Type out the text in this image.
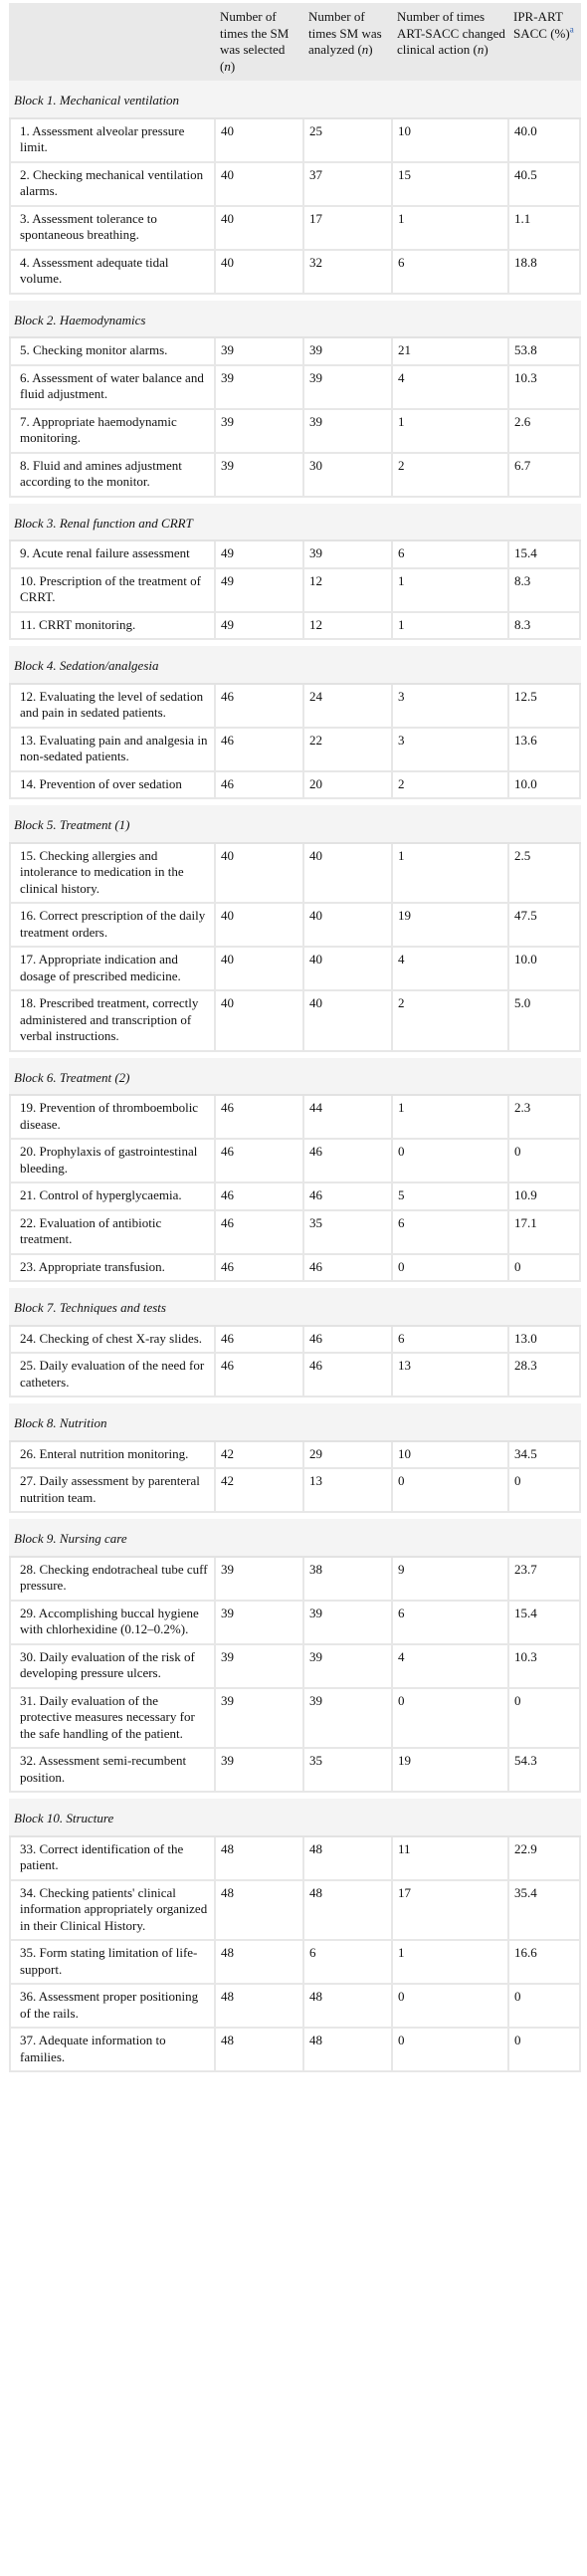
	Number of times the SM was selected (n)	Number of times SM was analyzed (n)	Number of times ART-SACC changed clinical action (n)	IPR-ART SACC (%)$^a$
Block 1. Mechanical ventilation				
1. Assessment alveolar pressure limit.	40	25	10	40.0
2. Checking mechanical ventilation alarms.	40	37	15	40.5
3. Assessment tolerance to spontaneous breathing.	40	17	1	1.1
4. Assessment adequate tidal volume.	40	32	6	18.8

Block 2. Haemodynamics				
5. Checking monitor alarms.	39	39	21	53.8
6. Assessment of water balance and fluid adjustment.	39	39	4	10.3
7. Appropriate haemodynamic monitoring.	39	39	1	2.6
8. Fluid and amines adjustment according to the monitor.	39	30	2	6.7

Block 3. Renal function and CRRT				
9. Acute renal failure assessment	49	39	6	15.4
10. Prescription of the treatment of CRRT.	49	12	1	8.3
11. CRRT monitoring.	49	12	1	8.3

Block 4. Sedation/analgesia				
12. Evaluating the level of sedation and pain in sedated patients.	46	24	3	12.5
13. Evaluating pain and analgesia in non-sedated patients.	46	22	3	13.6
14. Prevention of over sedation	46	20	2	10.0

Block 5. Treatment (1)				
15. Checking allergies and intolerance to medication in the clinical history.	40	40	1	2.5
16. Correct prescription of the daily treatment orders.	40	40	19	47.5
17. Appropriate indication and dosage of prescribed medicine.	40	40	4	10.0
18. Prescribed treatment, correctly administered and transcription of verbal instructions.	40	40	2	5.0

Block 6. Treatment (2)				
19. Prevention of thromboembolic disease.	46	44	1	2.3
20. Prophylaxis of gastrointestinal bleeding.	46	46	0	0
21. Control of hyperglycaemia.	46	46	5	10.9
22. Evaluation of antibiotic treatment.	46	35	6	17.1
23. Appropriate transfusion.	46	46	0	0

Block 7. Techniques and tests				
24. Checking of chest X-ray slides.	46	46	6	13.0
25. Daily evaluation of the need for catheters.	46	46	13	28.3

Block 8. Nutrition				
26. Enteral nutrition monitoring.	42	29	10	34.5
27. Daily assessment by parenteral nutrition team.	42	13	0	0

Block 9. Nursing care				
28. Checking endotracheal tube cuff pressure.	39	38	9	23.7
29. Accomplishing buccal hygiene with chlorhexidine (0.12–0.2%).	39	39	6	15.4
30. Daily evaluation of the risk of developing pressure ulcers.	39	39	4	10.3
31. Daily evaluation of the protective measures necessary for the safe handling of the patient.	39	39	0	0
32. Assessment semi-recumbent position.	39	35	19	54.3

Block 10. Structure				
33. Correct identification of the patient.	48	48	11	22.9
34. Checking patients' clinical information appropriately organized in their Clinical History.	48	48	17	35.4
35. Form stating limitation of life-support.	48	6	1	16.6
36. Assessment proper positioning of the rails.	48	48	0	0
37. Adequate information to families.	48	48	0	0
